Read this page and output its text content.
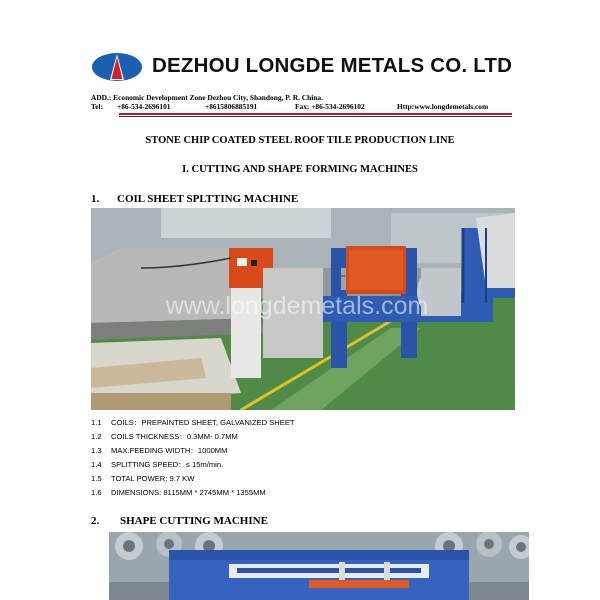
DEZHOU LONGDE METALS CO. LTD
ADD.: Economic Development Zone Dezhou City, Shandong, P. R. China.
Tel: +86-534-2696101	+8615806885191	Fax: +86-534-2696102	Http:www.longdemetals.com
STONE CHIP COATED STEEL ROOF TILE PRODUCTION LINE
I. CUTTING AND SHAPE FORMING MACHINES
1. COIL SHEET SPLTTING MACHINE
www.longdemetals.com
1.1 COILS：PREPAINTED SHEET, GALVANIZED SHEET
1.2 COILS THICKNESS：0.3MM- 0.7MM
1.3 MAX.FEEDING WIDTH：1000MM
1.4 SPLITTING SPEED：≤ 15m/min.
1.5 TOTAL POWER: 9.7 KW
1.6 DIMENSIONS: 8115MM * 2745MM * 1355MM
2. SHAPE CUTTING MACHINE
